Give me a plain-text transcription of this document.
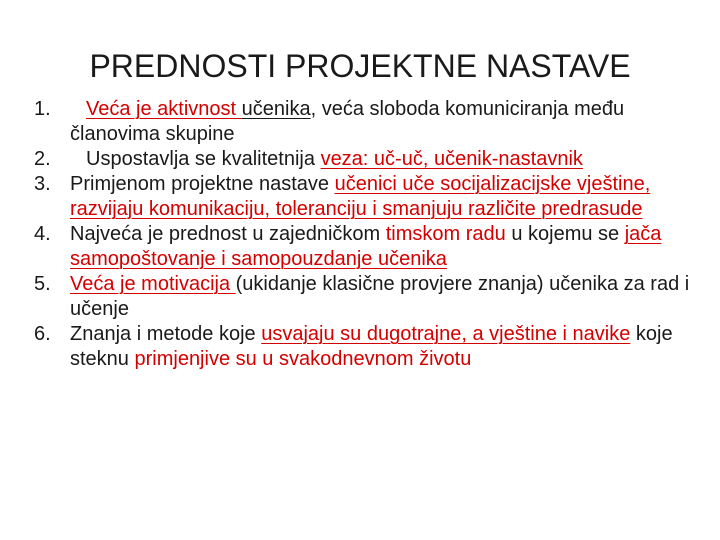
PREDNOSTI PROJEKTNE NASTAVE
1.	Veća je aktivnost učenika, veća sloboda komuniciranja među članovima skupine
2.	Uspostavlja se kvalitetnija veza: uč-uč, učenik-nastavnik
3. Primjenom projektne nastave učenici uče socijalizacijske vještine, razvijaju komunikaciju, toleranciju i smanjuju različite predrasude
4. Najveća je prednost u zajedničkom timskom radu u kojemu se jača samopoštovanje i samopouzdanje učenika
5. Veća je motivacija (ukidanje klasične provjere znanja) učenika za rad i učenje
6. Znanja i metode koje usvajaju su dugotrajne, a vještine i navike koje steknu primjenjive su u svakodnevnom životu
